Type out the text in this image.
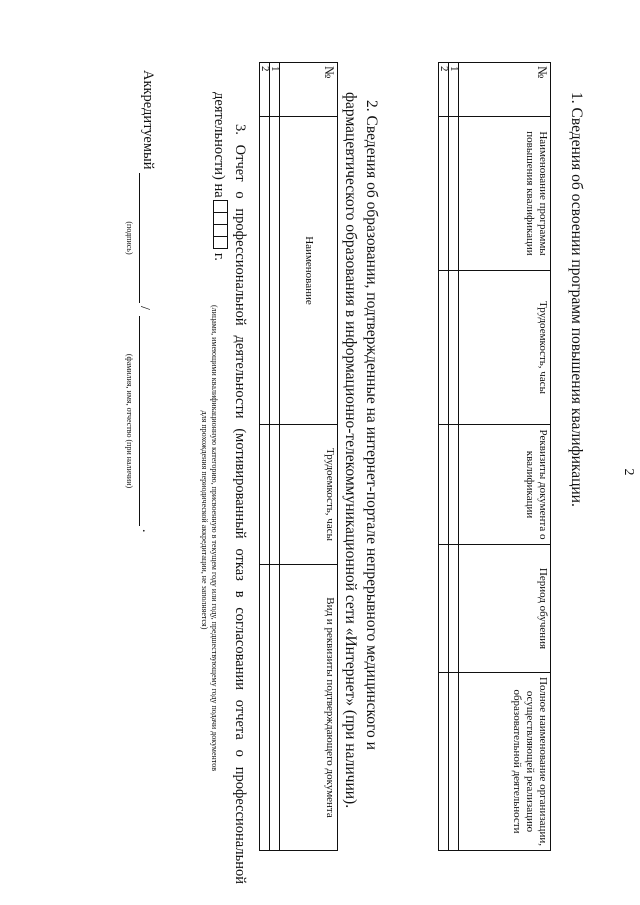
2
1. Сведения об освоении программ повышения квалификации.
№	Наименование программы повышения квалификации	Трудоемкость, часы	Реквизиты документа о квалификации	Период обучения	Полное наименование организации, осуществляющей реализацию образовательной деятельности
1					
2					
2. Сведения об образовании, подтвержденные на интернет-портале непрерывного медицинского и фармацевтического образования в информационно-телекоммуникационной сети «Интернет» (при наличии).
№	Наименование	Трудоемкость, часы	Вид и реквизиты подтверждающего документа
1			
2			
3. Отчет о профессиональной деятельности (мотивированный отказ в согласовании отчета о профессиональной
деятельности) на  г.
(лицами, имеющими квалификационную категорию, присвоенную в текущем году или году, предшествующему году подачи документов
для прохождения периодической аккредитации, не заполняется)
Аккредитуемый
(подпись)
/
(фамилия, имя, отчество (при наличии)
.
